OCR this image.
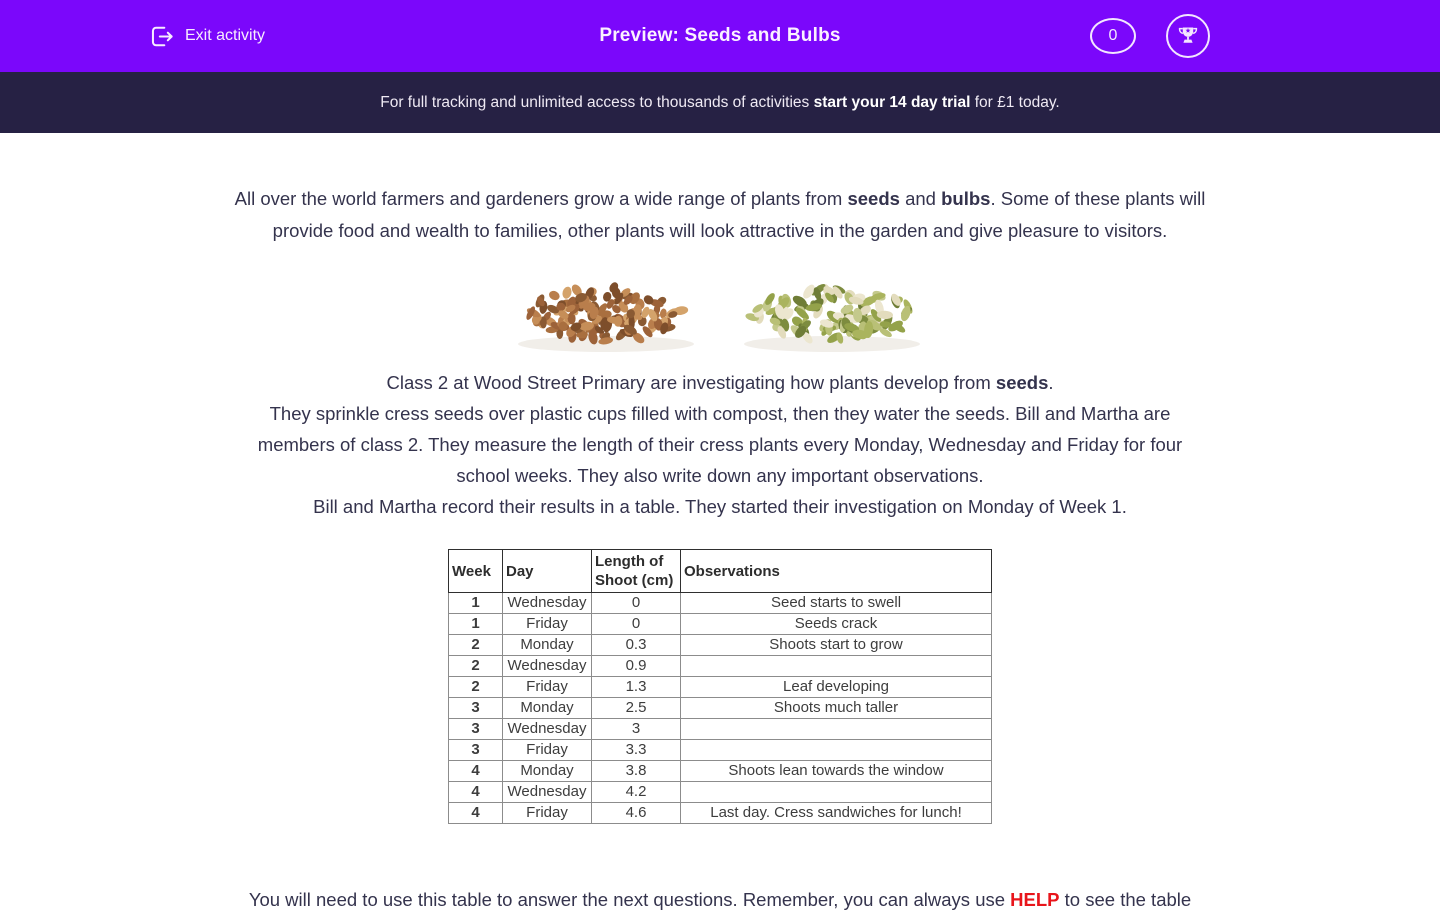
Exit activity	Preview: Seeds and Bulbs	0
For full tracking and unlimited access to thousands of activities start your 14 day trial for £1 today.

All over the world farmers and gardeners grow a wide range of plants from seeds and bulbs. Some of these plants will
provide food and wealth to families, other plants will look attractive in the garden and give pleasure to visitors.

Class 2 at Wood Street Primary are investigating how plants develop from seeds.
They sprinkle cress seeds over plastic cups filled with compost, then they water the seeds. Bill and Martha are
members of class 2. They measure the length of their cress plants every Monday, Wednesday and Friday for four
school weeks. They also write down any important observations.
Bill and Martha record their results in a table. They started their investigation on Monday of Week 1.

Week	Day	Length of Shoot (cm)	Observations
1	Wednesday	0	Seed starts to swell
1	Friday	0	Seeds crack
2	Monday	0.3	Shoots start to grow
2	Wednesday	0.9	
2	Friday	1.3	Leaf developing
3	Monday	2.5	Shoots much taller
3	Wednesday	3	
3	Friday	3.3	
4	Monday	3.8	Shoots lean towards the window
4	Wednesday	4.2	
4	Friday	4.6	Last day. Cress sandwiches for lunch!

You will need to use this table to answer the next questions. Remember, you can always use HELP to see the table
